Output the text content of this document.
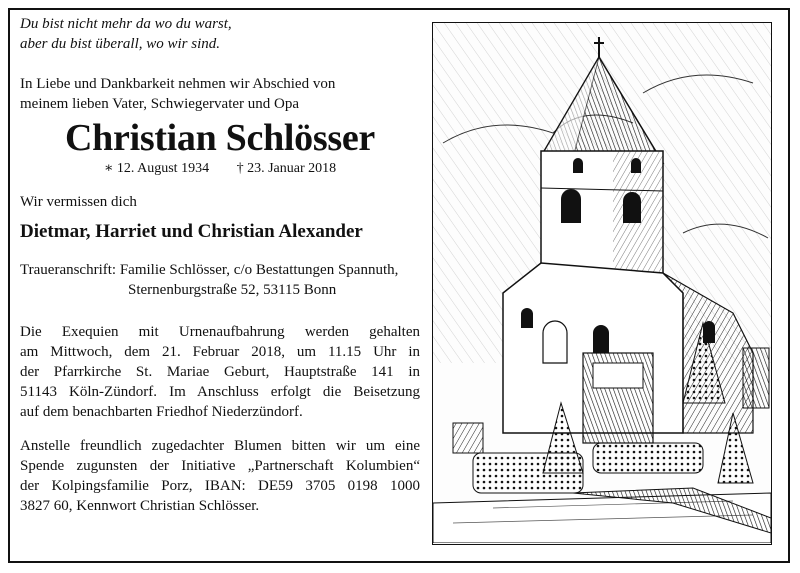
Du bist nicht mehr da wo du warst,
aber du bist überall, wo wir sind.
In Liebe und Dankbarkeit nehmen wir Abschied von
meinem lieben Vater, Schwiegervater und Opa
Christian Schlösser
∗ 12. August 1934 † 23. Januar 2018
Wir vermissen dich
Dietmar, Harriet und Christian Alexander
Traueranschrift: Familie Schlösser, c/o Bestattungen Spannuth,
Sternenburgstraße 52, 53115 Bonn
Die Exequien mit Urnenaufbahrung werden gehalten
am Mittwoch, dem 21. Februar 2018, um 11.15 Uhr in
der Pfarrkirche St. Mariae Geburt, Hauptstraße 141 in
51143 Köln-Zündorf. Im Anschluss erfolgt die Beisetzung
auf dem benachbarten Friedhof Niederzündorf.
Anstelle freundlich zugedachter Blumen bitten wir um eine
Spende zugunsten der Initiative „Partnerschaft Kolumbien“
der Kolpingsfamilie Porz, IBAN: DE59 3705 0198 1000
3827 60, Kennwort Christian Schlösser.
